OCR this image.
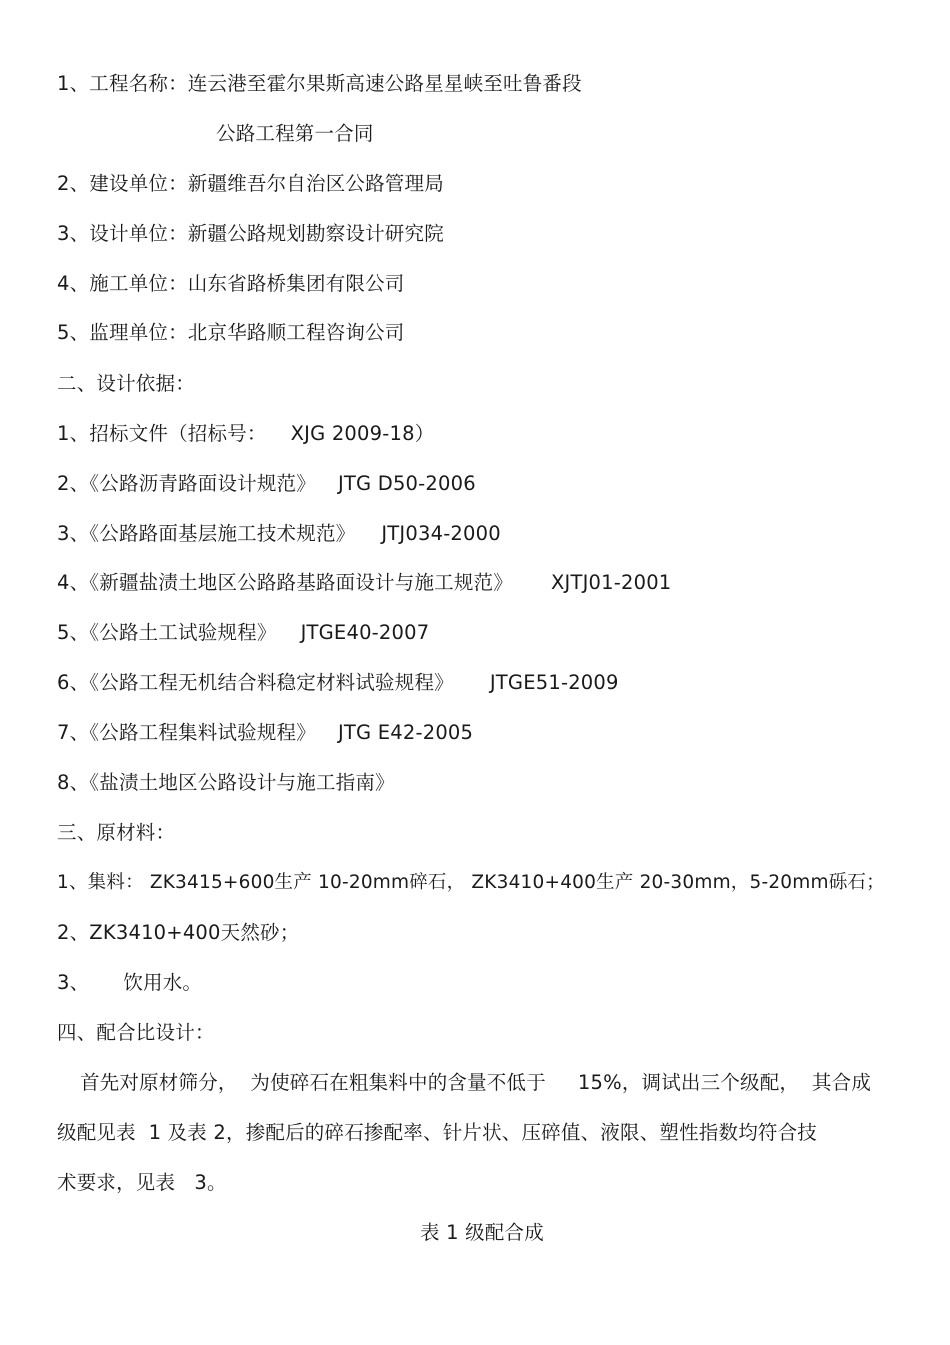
1、工程名称：连云港至霍尔果斯高速公路星星峡至吐鲁番段
公路工程第一合同
2、建设单位：新疆维吾尔自治区公路管理局
3、设计单位：新疆公路规划勘察设计研究院
4、施工单位：山东省路桥集团有限公司
5、监理单位：北京华路顺工程咨询公司
二、设计依据：
1、招标文件（招标号： XJG 2009-18）
2、《公路沥青路面设计规范》 JTG D50-2006
3、《公路路面基层施工技术规范》 JTJ034-2000
4、《新疆盐渍土地区公路路基路面设计与施工规范》 XJTJ01-2001
5、《公路土工试验规程》 JTGE40-2007
6、《公路工程无机结合料稳定材料试验规程》 JTGE51-2009
7、《公路工程集料试验规程》 JTG E42-2005
8、《盐渍土地区公路设计与施工指南》
三、原材料：
1、集料： ZK3415+600生产 10-20mm碎石， ZK3410+400生产 20-30mm，5-20mm砾石；
2、ZK3410+400天然砂；
3、 饮用水。
四、配合比设计：
首先对原材筛分，  为使碎石在粗集料中的含量不低于     15%，调试出三个级配，  其合成
级配见表  1 及表 2，掺配后的碎石掺配率、针片状、压碎值、液限、塑性指数均符合技
术要求，见表   3。
表 1 级配合成
